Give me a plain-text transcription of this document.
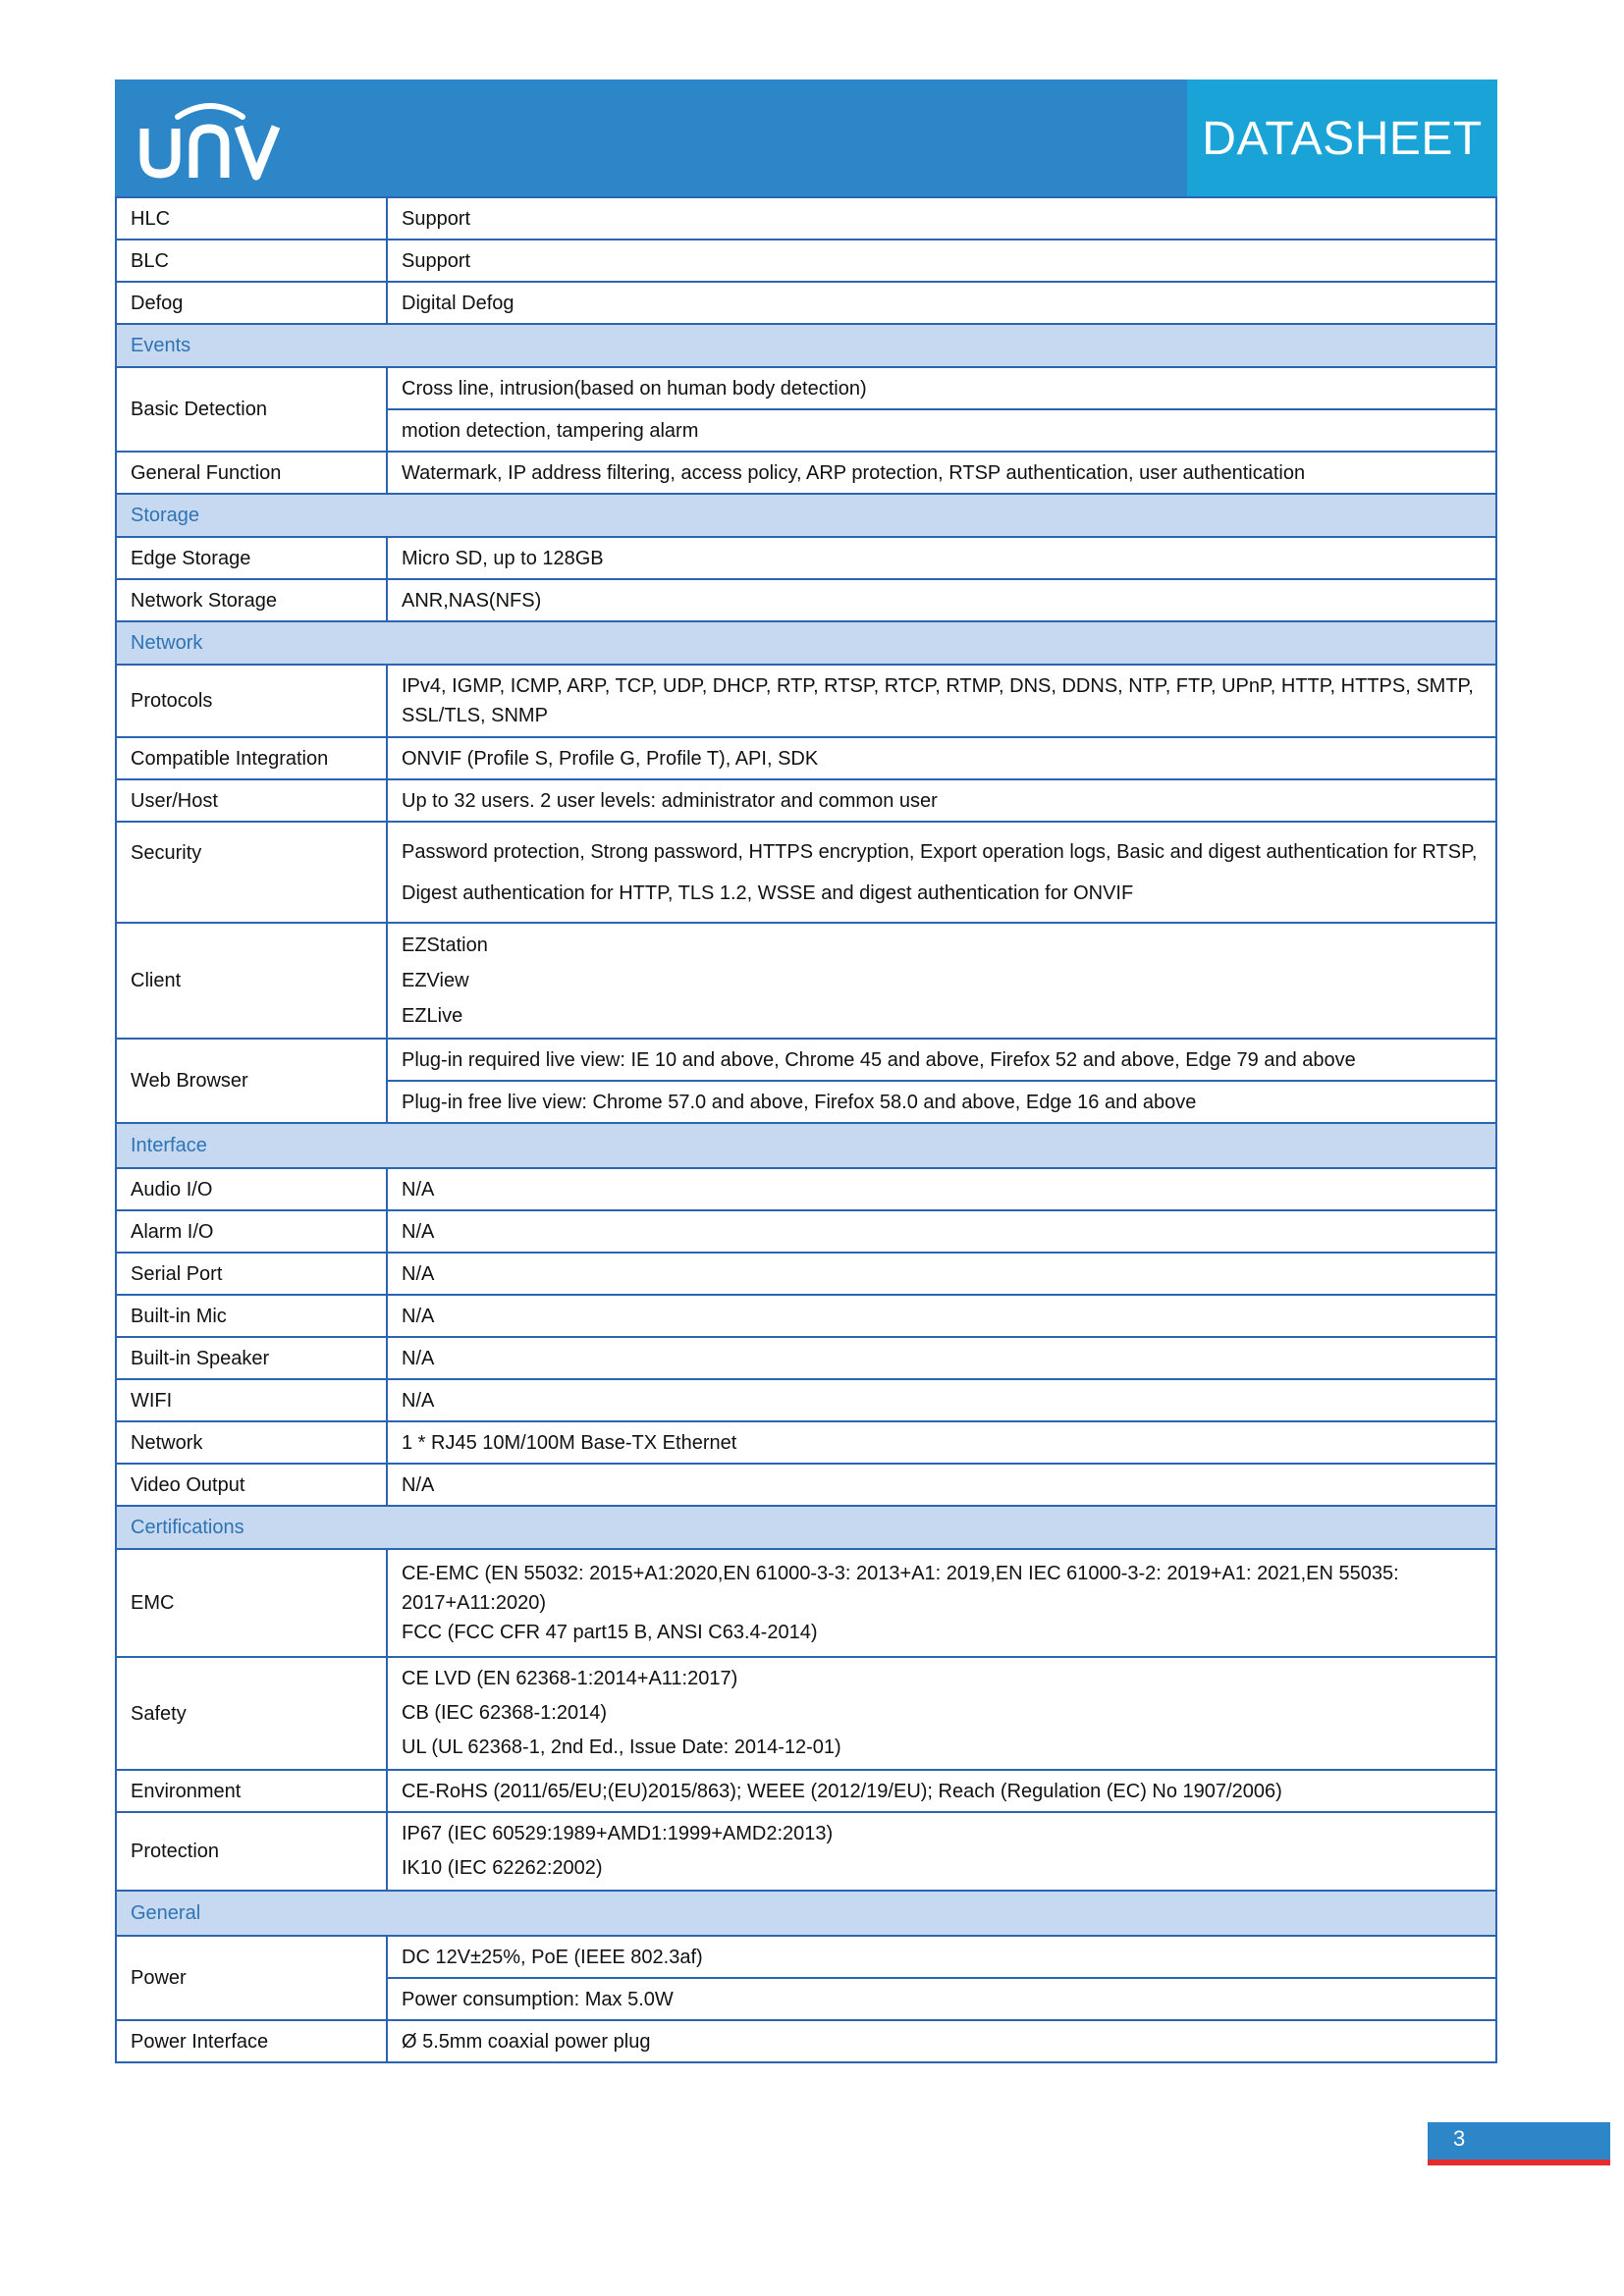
DATASHEET
HLC	Support
BLC	Support
Defog	Digital Defog
Events	
Basic Detection	Cross line, intrusion(based on human body detection)
	motion detection, tampering alarm
General Function	Watermark, IP address filtering, access policy, ARP protection, RTSP authentication, user authentication
Storage	
Edge Storage	Micro SD, up to 128GB
Network Storage	ANR,NAS(NFS)
Network	
Protocols	IPv4, IGMP, ICMP, ARP, TCP, UDP, DHCP, RTP, RTSP, RTCP, RTMP, DNS, DDNS, NTP, FTP, UPnP, HTTP, HTTPS, SMTP,
SSL/TLS, SNMP

Compatible Integration	ONVIF (Profile S, Profile G, Profile T), API, SDK
User/Host	Up to 32 users. 2 user levels: administrator and common user
Security	Password protection, Strong password, HTTPS encryption, Export operation logs, Basic and digest authentication for RTSP,
Digest authentication for HTTP, TLS 1.2, WSSE and digest authentication for ONVIF

Client	EZStation
EZView
EZLive

Web Browser	Plug-in required live view: IE 10 and above, Chrome 45 and above, Firefox 52 and above, Edge 79 and above
	Plug-in free live view: Chrome 57.0 and above, Firefox 58.0 and above, Edge 16 and above
Interface	
Audio I/O	N/A
Alarm I/O	N/A
Serial Port	N/A
Built-in Mic	N/A
Built-in Speaker	N/A
WIFI	N/A
Network	1 * RJ45 10M/100M Base-TX Ethernet
Video Output	N/A
Certifications	
EMC	CE-EMC (EN 55032: 2015+A1:2020,EN 61000-3-3: 2013+A1: 2019,EN IEC 61000-3-2: 2019+A1: 2021,EN 55035:
2017+A11:2020)
FCC (FCC CFR 47 part15 B, ANSI C63.4-2014)

Safety	CE LVD (EN 62368-1:2014+A11:2017)
CB (IEC 62368-1:2014)
UL (UL 62368-1, 2nd Ed., Issue Date: 2014-12-01)

Environment	CE-RoHS (2011/65/EU;(EU)2015/863); WEEE (2012/19/EU); Reach (Regulation (EC) No 1907/2006)
Protection	IP67 (IEC 60529:1989+AMD1:1999+AMD2:2013)
IK10 (IEC 62262:2002)

General	
Power	DC 12V±25%, PoE (IEEE 802.3af)
	Power consumption: Max 5.0W
Power Interface	Ø 5.5mm coaxial power plug
3
